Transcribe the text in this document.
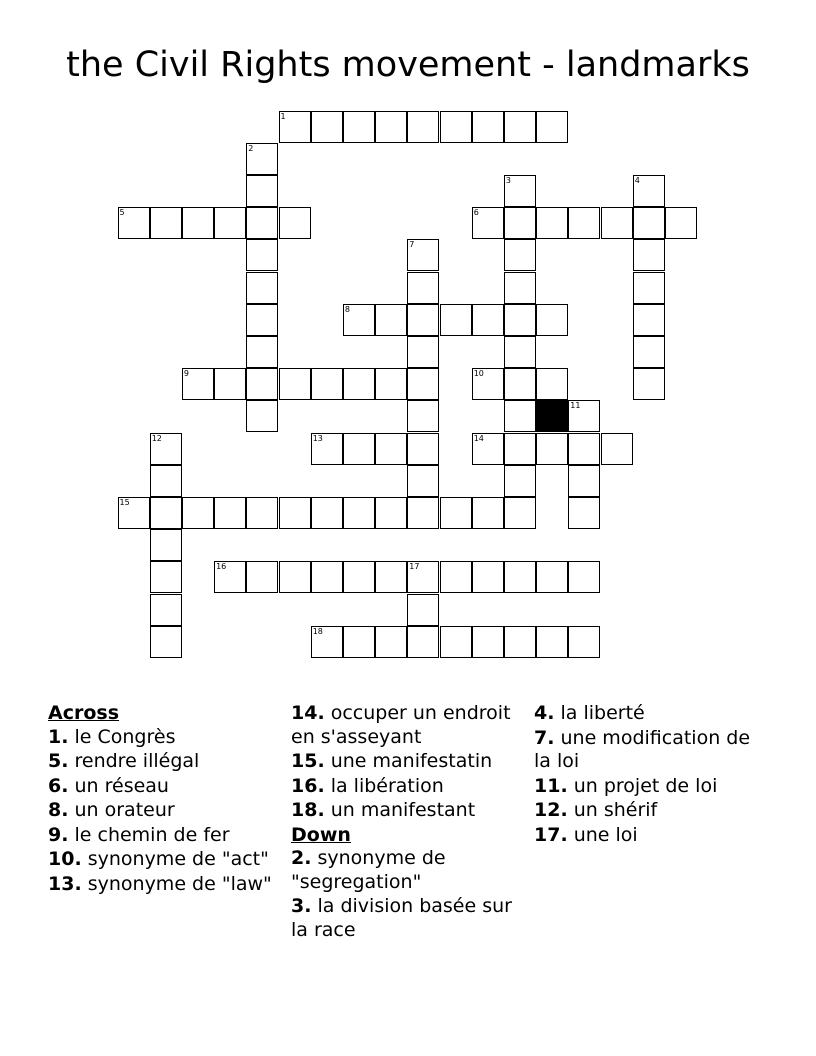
the Civil Rights movement - landmarks
1
2
3	4
5	6
7
8
9	10
11
12	13	14
15
16	17
18
Across
1. le Congrès
5. rendre illégal
6. un réseau
8. un orateur
9. le chemin de fer
10. synonyme de "act"
13. synonyme de "law"
14. occuper un endroit en s'asseyant
15. une manifestatin
16. la libération
18. un manifestant
Down
2. synonyme de "segregation"
3. la division basée sur la race
4. la liberté
7. une modification de la loi
11. un projet de loi
12. un shérif
17. une loi
